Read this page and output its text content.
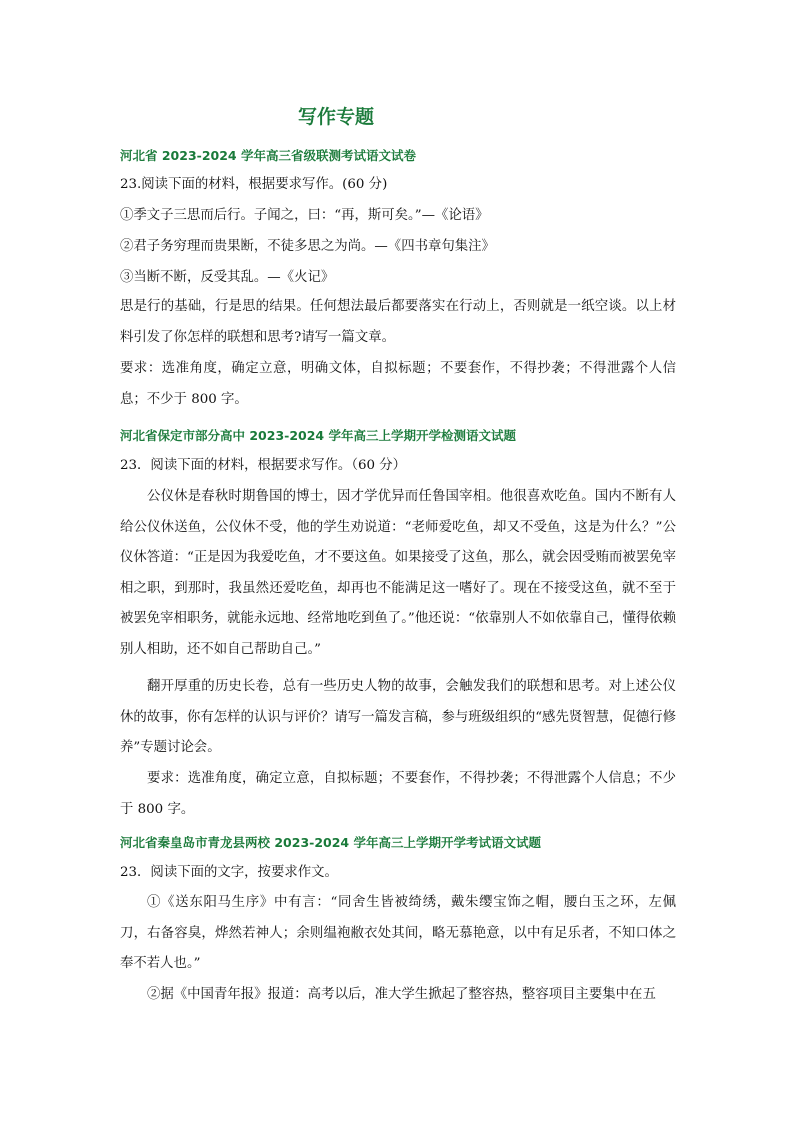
写作专题
河北省 2023-2024 学年高三省级联测考试语文试卷
23.阅读下面的材料，根据要求写作。(60 分)
①季文子三思而后行。子闻之，曰：“再，斯可矣。”—《论语》
②君子务穷理而贵果断，不徒多思之为尚。—《四书章句集注》
③当断不断，反受其乱。—《火记》
思是行的基础，行是思的结果。任何想法最后都要落实在行动上，否则就是一纸空谈。以上材料引发了你怎样的联想和思考?请写一篇文章。
要求：选准角度，确定立意，明确文体，自拟标题；不要套作，不得抄袭；不得泄露个人信息；不少于 800 字。
河北省保定市部分高中 2023-2024 学年高三上学期开学检测语文试题
23．阅读下面的材料，根据要求写作。（60 分）
公仪休是春秋时期鲁国的博士，因才学优异而任鲁国宰相。他很喜欢吃鱼。国内不断有人给公仪休送鱼，公仪休不受，他的学生劝说道：“老师爱吃鱼，却又不受鱼，这是为什么？”公仪休答道：“正是因为我爱吃鱼，才不要这鱼。如果接受了这鱼，那么，就会因受贿而被罢免宰相之职，到那时，我虽然还爱吃鱼，却再也不能满足这一嗜好了。现在不接受这鱼，就不至于被罢免宰相职务，就能永远地、经常地吃到鱼了。”他还说：“依靠别人不如依靠自己，懂得依赖别人相助，还不如自己帮助自己。”
翻开厚重的历史长卷，总有一些历史人物的故事，会触发我们的联想和思考。对上述公仪休的故事，你有怎样的认识与评价？请写一篇发言稿，参与班级组织的“感先贤智慧，促德行修养”专题讨论会。
要求：选准角度，确定立意，自拟标题；不要套作，不得抄袭；不得泄露个人信息；不少于 800 字。
河北省秦皇岛市青龙县两校 2023-2024 学年高三上学期开学考试语文试题
23．阅读下面的文字，按要求作文。
①《送东阳马生序》中有言：“同舍生皆被绮绣，戴朱缨宝饰之帽，腰白玉之环，左佩刀，右备容臭，烨然若神人；余则缊袍敝衣处其间，略无慕艳意，以中有足乐者，不知口体之奉不若人也。”
②据《中国青年报》报道：高考以后，准大学生掀起了整容热，整容项目主要集中在五
